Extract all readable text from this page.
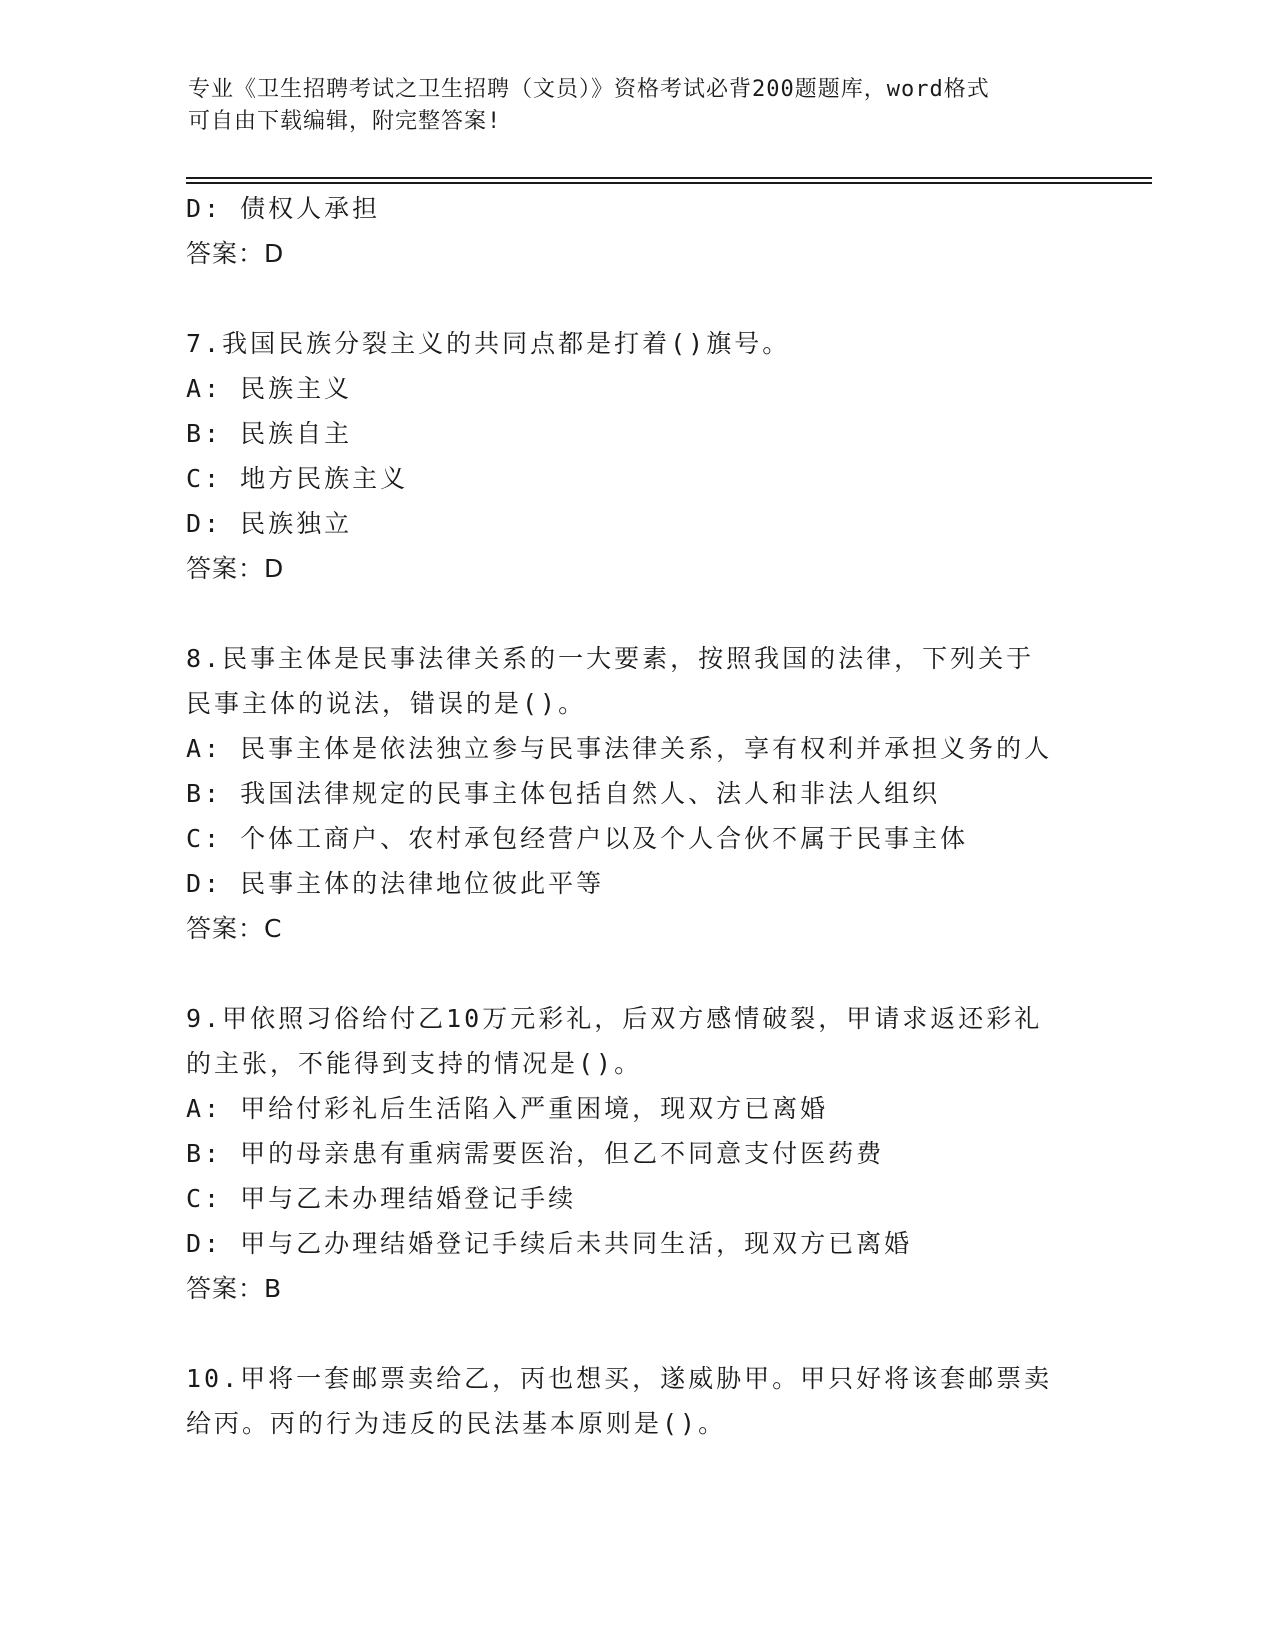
专业《卫生招聘考试之卫生招聘（文员）》资格考试必背200题题库，word格式
可自由下载编辑，附完整答案!
D: 债权人承担
答案：D
7.我国民族分裂主义的共同点都是打着()旗号。
A: 民族主义
B: 民族自主
C: 地方民族主义
D: 民族独立
答案：D
8.民事主体是民事法律关系的一大要素，按照我国的法律，下列关于
民事主体的说法，错误的是()。
A: 民事主体是依法独立参与民事法律关系，享有权利并承担义务的人
B: 我国法律规定的民事主体包括自然人、法人和非法人组织
C: 个体工商户、农村承包经营户以及个人合伙不属于民事主体
D: 民事主体的法律地位彼此平等
答案：C
9.甲依照习俗给付乙10万元彩礼，后双方感情破裂，甲请求返还彩礼
的主张，不能得到支持的情况是()。
A: 甲给付彩礼后生活陷入严重困境，现双方已离婚
B: 甲的母亲患有重病需要医治，但乙不同意支付医药费
C: 甲与乙未办理结婚登记手续
D: 甲与乙办理结婚登记手续后未共同生活，现双方已离婚
答案：B
10.甲将一套邮票卖给乙，丙也想买，遂威胁甲。甲只好将该套邮票卖
给丙。丙的行为违反的民法基本原则是()。
